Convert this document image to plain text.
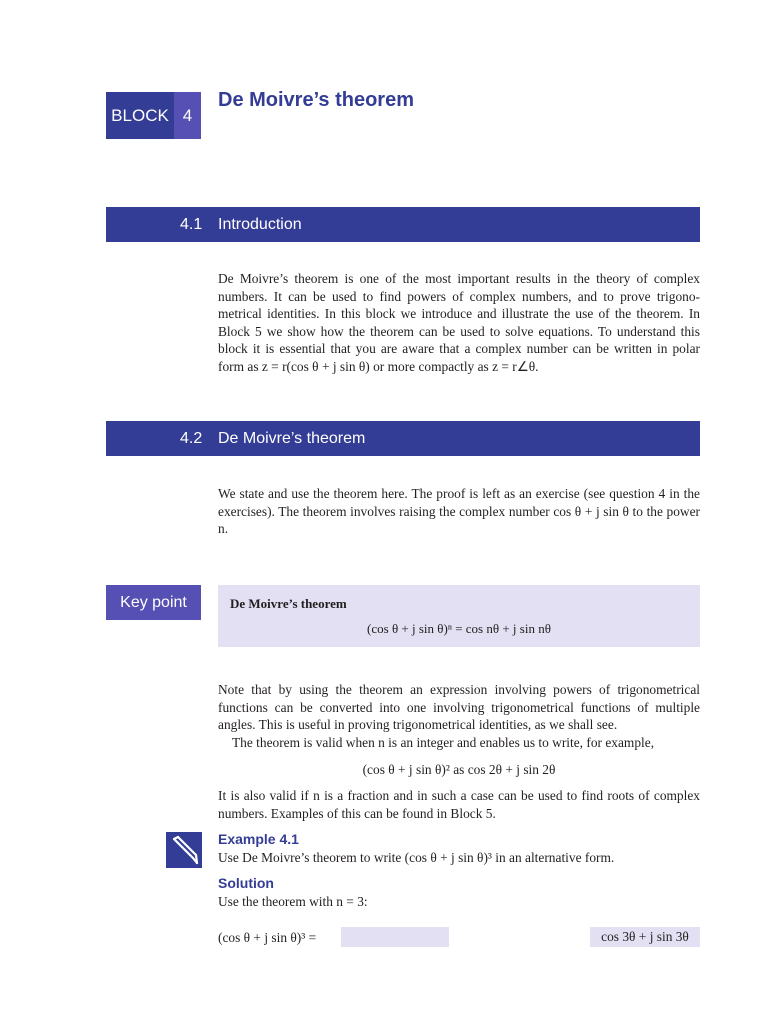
BLOCK 4
De Moivre’s theorem
4.1 Introduction

De Moivre’s theorem is one of the most important results in the theory of complex numbers. It can be used to find powers of complex numbers, and to prove trigono-metrical identities. In this block we introduce and illustrate the use of the theorem. In Block 5 we show how the theorem can be used to solve equations. To understand this block it is essential that you are aware that a complex number can be written in polar form as z = r(cos θ + j sin θ) or more compactly as z = r∠θ.

4.2 De Moivre’s theorem

We state and use the theorem here. The proof is left as an exercise (see question 4 in the exercises). The theorem involves raising the complex number cos θ + j sin θ to the power n.

Key point	De Moivre’s theorem
(cos θ + j sin θ)ⁿ = cos nθ + j sin nθ

Note that by using the theorem an expression involving powers of trigonometrical functions can be converted into one involving trigonometrical functions of multiple angles. This is useful in proving trigonometrical identities, as we shall see.

The theorem is valid when n is an integer and enables us to write, for example,

(cos θ + j sin θ)² as cos 2θ + j sin 2θ

It is also valid if n is a fraction and in such a case can be used to find roots of complex numbers. Examples of this can be found in Block 5.

Example 4.1
Use De Moivre’s theorem to write (cos θ + j sin θ)³ in an alternative form.
Solution
Use the theorem with n = 3:
(cos θ + j sin θ)³ =	cos 3θ + j sin 3θ
